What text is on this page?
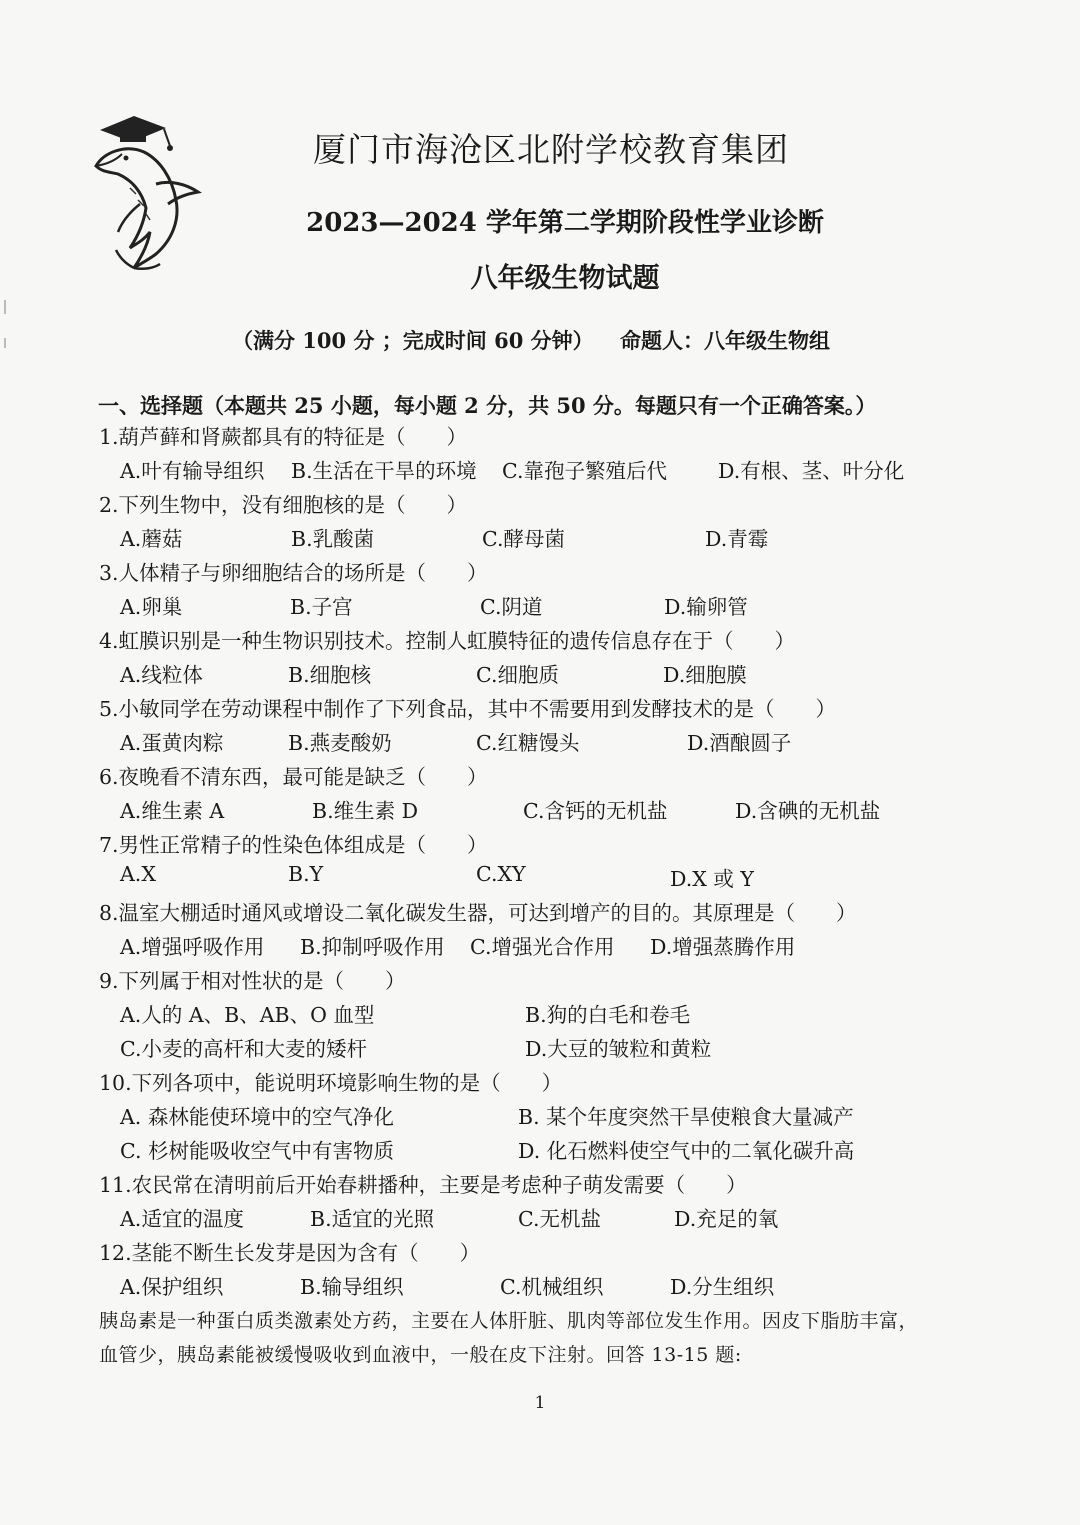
厦门市海沧区北附学校教育集团
2023—2024 学年第二学期阶段性学业诊断
八年级生物试题
（满分 100 分 ；完成时间 60 分钟） 命题人：八年级生物组
一、选择题（本题共 25 小题，每小题 2 分，共 50 分。每题只有一个正确答案。）
1.葫芦藓和肾蕨都具有的特征是（　　）
A.叶有输导组织 B.生活在干旱的环境 C.靠孢子繁殖后代 D.有根、茎、叶分化
2.下列生物中，没有细胞核的是（　　）
A.蘑菇	B.乳酸菌	C.酵母菌	D.青霉
3.人体精子与卵细胞结合的场所是（　　）
A.卵巢	B.子宫	C.阴道	D.输卵管
4.虹膜识别是一种生物识别技术。控制人虹膜特征的遗传信息存在于（　　）
A.线粒体	B.细胞核	C.细胞质	D.细胞膜
5.小敏同学在劳动课程中制作了下列食品，其中不需要用到发酵技术的是（　　）
A.蛋黄肉粽	B.燕麦酸奶	C.红糖馒头	D.酒酿圆子
6.夜晚看不清东西，最可能是缺乏（　　）
A.维生素 A	B.维生素 D	C.含钙的无机盐	D.含碘的无机盐
7.男性正常精子的性染色体组成是（　　）
A.X	B.Y	C.XY	D.X 或 Y
8.温室大棚适时通风或增设二氧化碳发生器，可达到增产的目的。其原理是（　　）
A.增强呼吸作用 B.抑制呼吸作用 C.增强光合作用 D.增强蒸腾作用
9.下列属于相对性状的是（　　）
A.人的 A、B、AB、O 血型	B.狗的白毛和卷毛
C.小麦的高杆和大麦的矮杆	D.大豆的皱粒和黄粒
10.下列各项中，能说明环境影响生物的是（　　）
A. 森林能使环境中的空气净化	B. 某个年度突然干旱使粮食大量减产
C. 杉树能吸收空气中有害物质	D. 化石燃料使空气中的二氧化碳升高
11.农民常在清明前后开始春耕播种，主要是考虑种子萌发需要（　　）
A.适宜的温度	B.适宜的光照	C.无机盐	D.充足的氧
12.茎能不断生长发芽是因为含有（　　）
A.保护组织	B.输导组织	C.机械组织	D.分生组织
胰岛素是一种蛋白质类激素处方药，主要在人体肝脏、肌肉等部位发生作用。因皮下脂肪丰富，
血管少，胰岛素能被缓慢吸收到血液中，一般在皮下注射。回答 13-15 题:
1
